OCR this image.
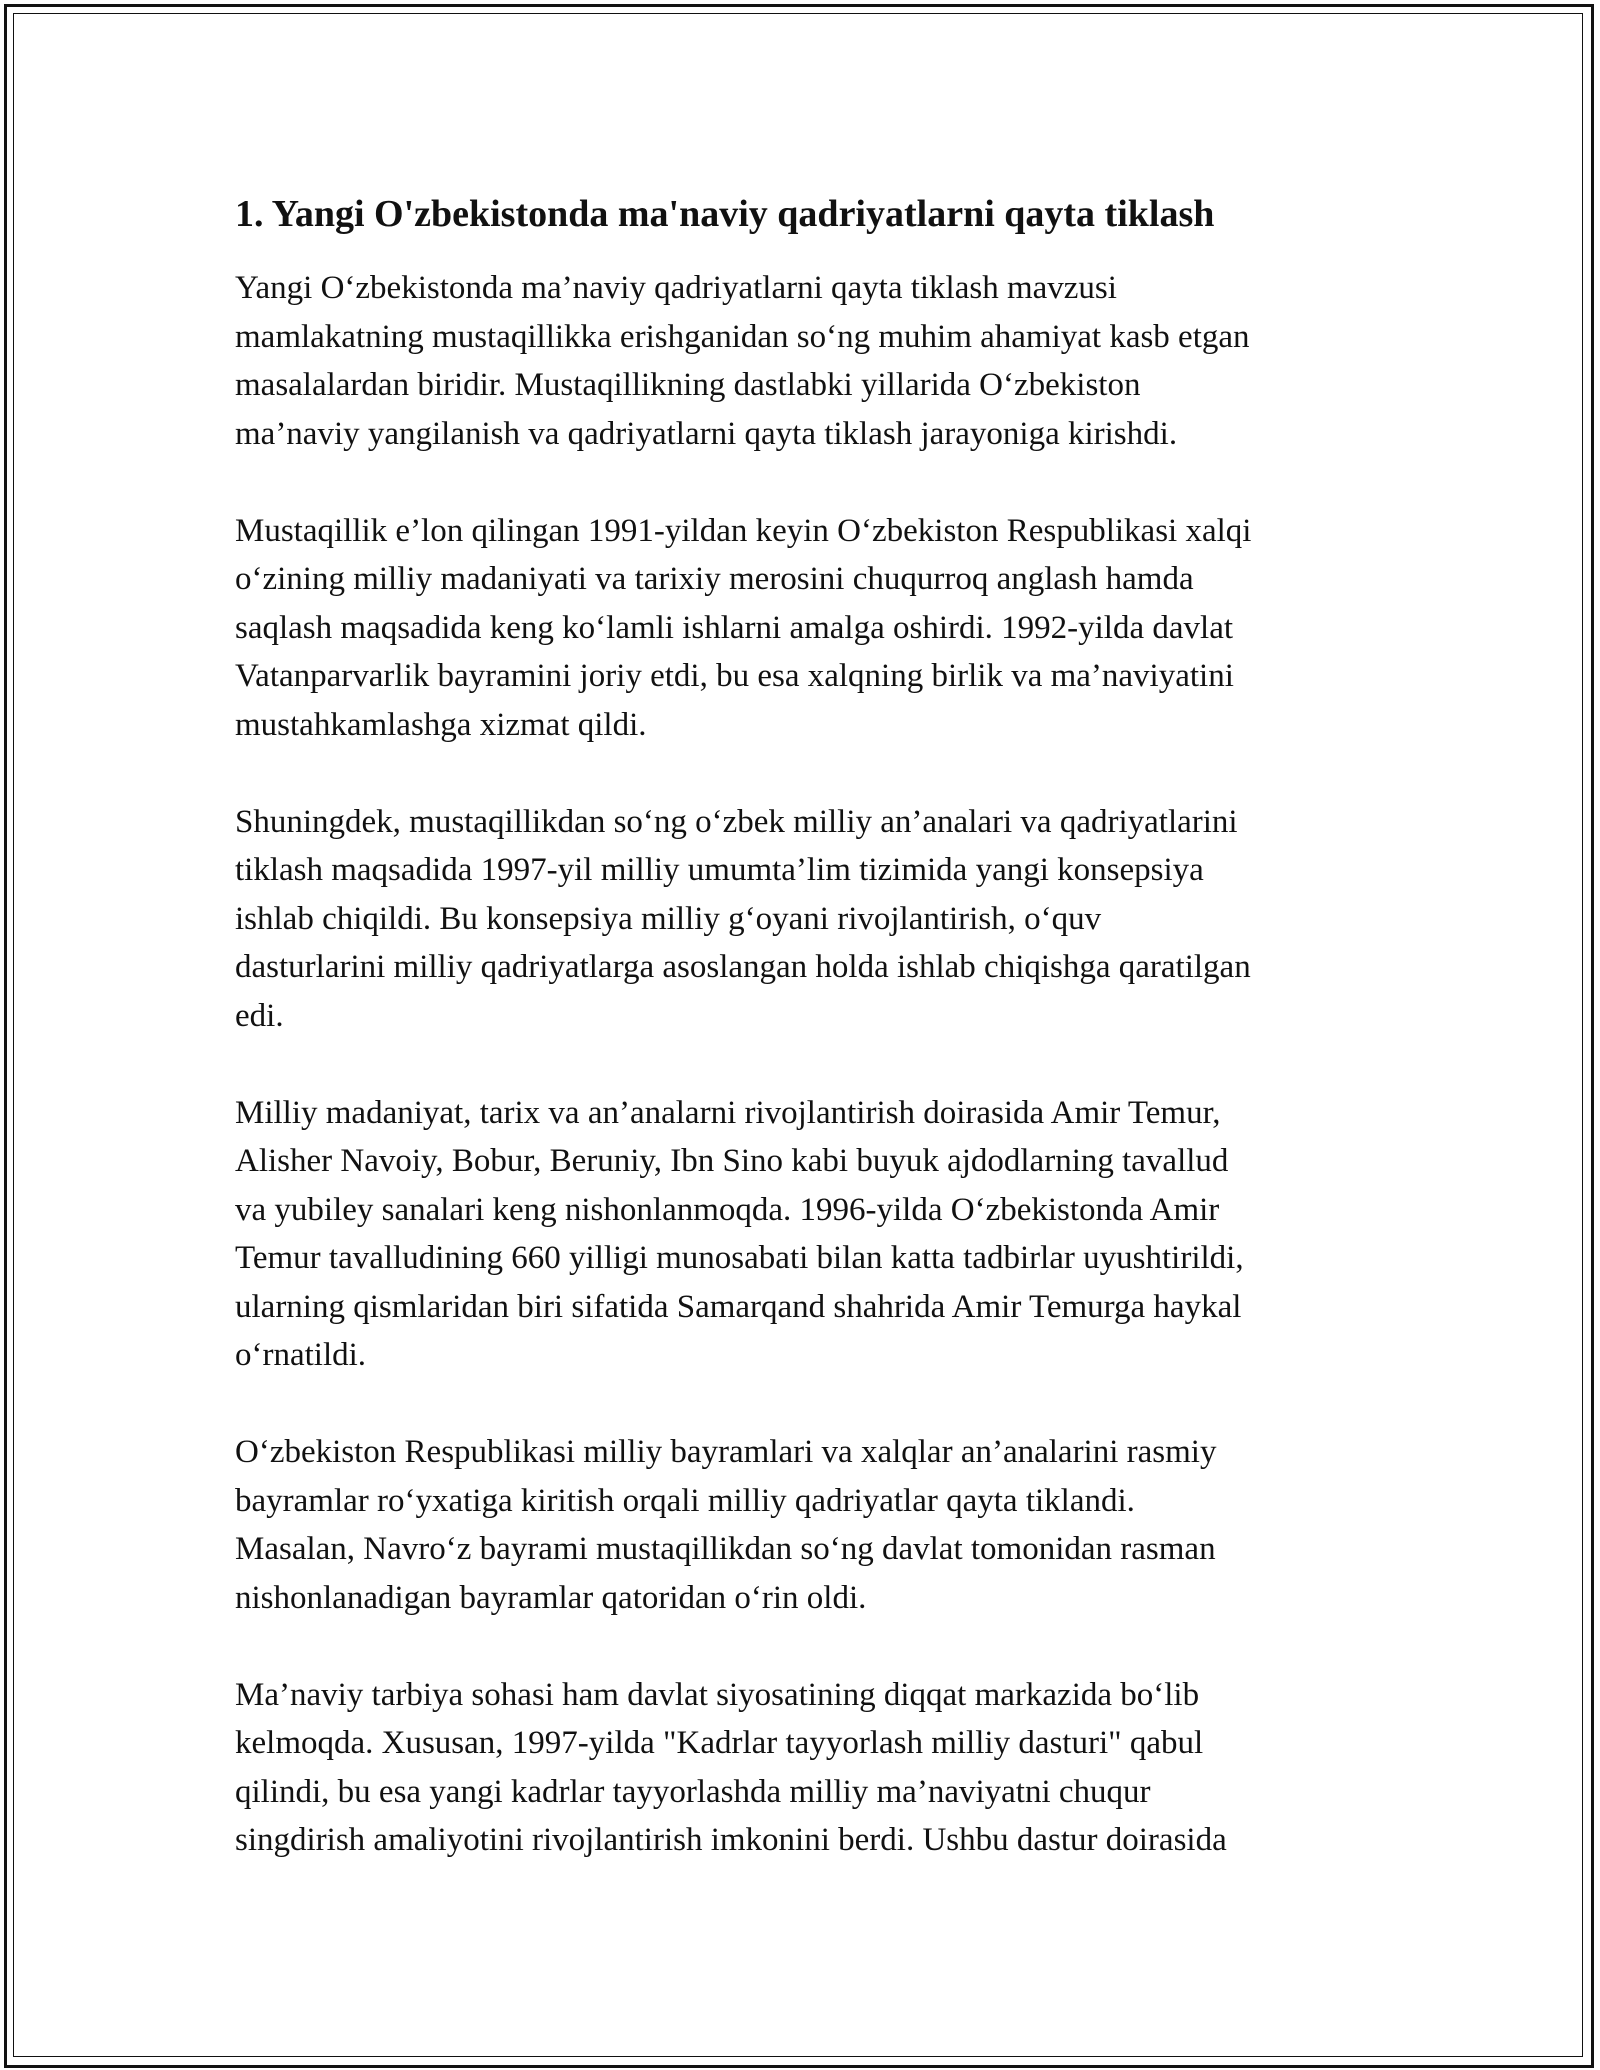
1. Yangi O'zbekistonda ma'naviy qadriyatlarni qayta tiklash

Yangi O‘zbekistonda ma’naviy qadriyatlarni qayta tiklash mavzusi
mamlakatning mustaqillikka erishganidan so‘ng muhim ahamiyat kasb etgan
masalalardan biridir. Mustaqillikning dastlabki yillarida O‘zbekiston
ma’naviy yangilanish va qadriyatlarni qayta tiklash jarayoniga kirishdi.

Mustaqillik e’lon qilingan 1991-yildan keyin O‘zbekiston Respublikasi xalqi
o‘zining milliy madaniyati va tarixiy merosini chuqurroq anglash hamda
saqlash maqsadida keng ko‘lamli ishlarni amalga oshirdi. 1992-yilda davlat
Vatanparvarlik bayramini joriy etdi, bu esa xalqning birlik va ma’naviyatini
mustahkamlashga xizmat qildi.

Shuningdek, mustaqillikdan so‘ng o‘zbek milliy an’analari va qadriyatlarini
tiklash maqsadida 1997-yil milliy umumta’lim tizimida yangi konsepsiya
ishlab chiqildi. Bu konsepsiya milliy g‘oyani rivojlantirish, o‘quv
dasturlarini milliy qadriyatlarga asoslangan holda ishlab chiqishga qaratilgan
edi.

Milliy madaniyat, tarix va an’analarni rivojlantirish doirasida Amir Temur,
Alisher Navoiy, Bobur, Beruniy, Ibn Sino kabi buyuk ajdodlarning tavallud
va yubiley sanalari keng nishonlanmoqda. 1996-yilda O‘zbekistonda Amir
Temur tavalludining 660 yilligi munosabati bilan katta tadbirlar uyushtirildi,
ularning qismlaridan biri sifatida Samarqand shahrida Amir Temurga haykal
o‘rnatildi.

O‘zbekiston Respublikasi milliy bayramlari va xalqlar an’analarini rasmiy
bayramlar ro‘yxatiga kiritish orqali milliy qadriyatlar qayta tiklandi.
Masalan, Navro‘z bayrami mustaqillikdan so‘ng davlat tomonidan rasman
nishonlanadigan bayramlar qatoridan o‘rin oldi.

Ma’naviy tarbiya sohasi ham davlat siyosatining diqqat markazida bo‘lib
kelmoqda. Xususan, 1997-yilda "Kadrlar tayyorlash milliy dasturi" qabul
qilindi, bu esa yangi kadrlar tayyorlashda milliy ma’naviyatni chuqur
singdirish amaliyotini rivojlantirish imkonini berdi. Ushbu dastur doirasida
